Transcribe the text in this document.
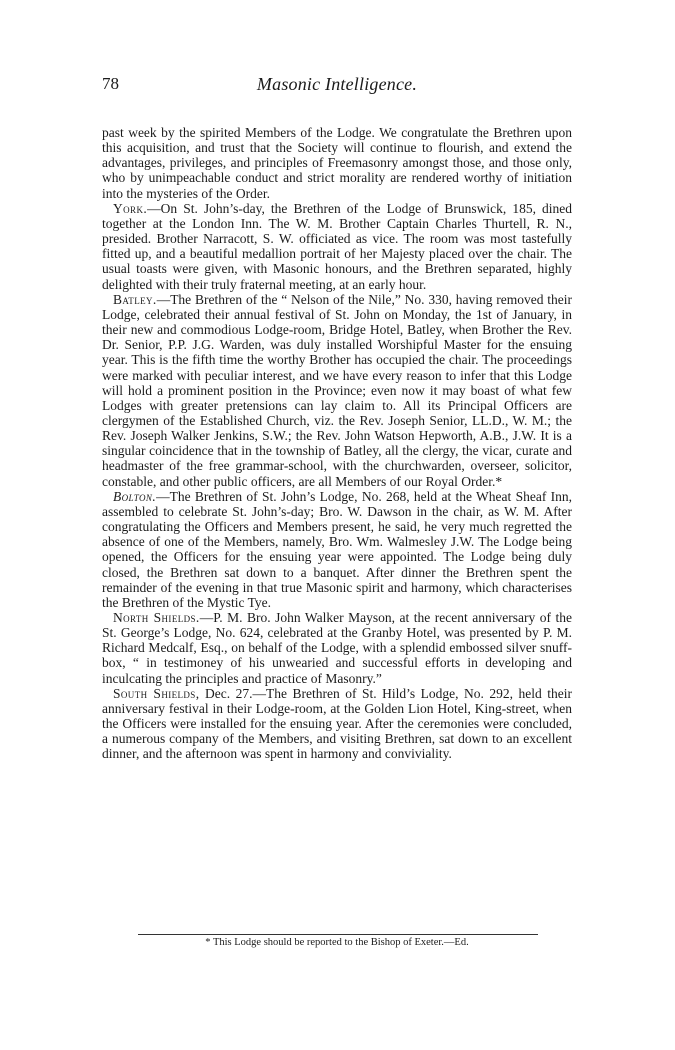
78	Masonic Intelligence.

past week by the spirited Members of the Lodge. We congratulate the Brethren upon this acquisition, and trust that the Society will continue to flourish, and extend the advantages, privileges, and principles of Freemasonry amongst those, and those only, who by unimpeachable conduct and strict morality are rendered worthy of initiation into the mysteries of the Order.

York.—On St. John’s-day, the Brethren of the Lodge of Brunswick, 185, dined together at the London Inn. The W. M. Brother Captain Charles Thurtell, R. N., presided. Brother Narracott, S. W. officiated as vice. The room was most tastefully fitted up, and a beautiful medallion portrait of her Majesty placed over the chair. The usual toasts were given, with Masonic honours, and the Brethren separated, highly delighted with their truly fraternal meeting, at an early hour.

Batley.—The Brethren of the “ Nelson of the Nile,” No. 330, having removed their Lodge, celebrated their annual festival of St. John on Monday, the 1st of January, in their new and commodious Lodge-room, Bridge Hotel, Batley, when Brother the Rev. Dr. Senior, P.P. J.G. Warden, was duly installed Worshipful Master for the ensuing year. This is the fifth time the worthy Brother has occupied the chair. The proceedings were marked with peculiar interest, and we have every reason to infer that this Lodge will hold a prominent position in the Province; even now it may boast of what few Lodges with greater pretensions can lay claim to. All its Principal Officers are clergymen of the Established Church, viz. the Rev. Joseph Senior, LL.D., W. M.; the Rev. Joseph Walker Jenkins, S.W.; the Rev. John Watson Hepworth, A.B., J.W. It is a singular coincidence that in the township of Batley, all the clergy, the vicar, curate and headmaster of the free grammar-school, with the churchwarden, overseer, solicitor, constable, and other public officers, are all Members of our Royal Order.*

Bolton.—The Brethren of St. John’s Lodge, No. 268, held at the Wheat Sheaf Inn, assembled to celebrate St. John’s-day; Bro. W. Dawson in the chair, as W. M. After congratulating the Officers and Members present, he said, he very much regretted the absence of one of the Members, namely, Bro. Wm. Walmesley J.W. The Lodge being opened, the Officers for the ensuing year were appointed. The Lodge being duly closed, the Brethren sat down to a banquet. After dinner the Brethren spent the remainder of the evening in that true Masonic spirit and harmony, which characterises the Brethren of the Mystic Tye.

North Shields.—P. M. Bro. John Walker Mayson, at the recent anniversary of the St. George’s Lodge, No. 624, celebrated at the Granby Hotel, was presented by P. M. Richard Medcalf, Esq., on behalf of the Lodge, with a splendid embossed silver snuff-box, “ in testimoney of his unwearied and successful efforts in developing and inculcating the principles and practice of Masonry.”

South Shields, Dec. 27.—The Brethren of St. Hild’s Lodge, No. 292, held their anniversary festival in their Lodge-room, at the Golden Lion Hotel, King-street, when the Officers were installed for the ensuing year. After the ceremonies were concluded, a numerous company of the Members, and visiting Brethren, sat down to an excellent dinner, and the afternoon was spent in harmony and conviviality.

* This Lodge should be reported to the Bishop of Exeter.—Ed.
